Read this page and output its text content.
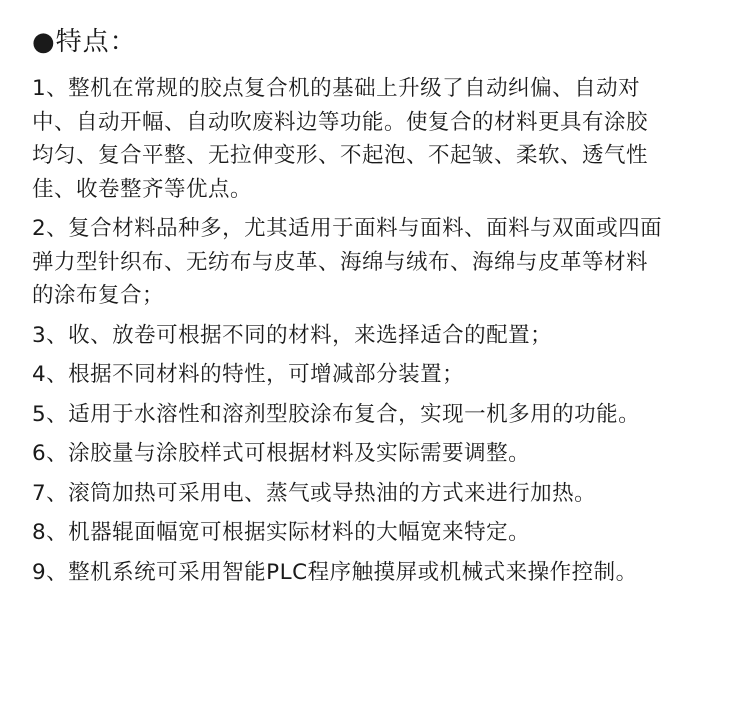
●特点：
1、整机在常规的胶点复合机的基础上升级了自动纠偏、自动对
中、自动开幅、自动吹废料边等功能。使复合的材料更具有涂胶
均匀、复合平整、无拉伸变形、不起泡、不起皱、柔软、透气性
佳、收卷整齐等优点。
2、复合材料品种多，尤其适用于面料与面料、面料与双面或四面
弹力型针织布、无纺布与皮革、海绵与绒布、海绵与皮革等材料
的涂布复合；
3、收、放卷可根据不同的材料，来选择适合的配置；
4、根据不同材料的特性，可增减部分装置；
5、适用于水溶性和溶剂型胶涂布复合，实现一机多用的功能。
6、涂胶量与涂胶样式可根据材料及实际需要调整。
7、滚筒加热可采用电、蒸气或导热油的方式来进行加热。
8、机器辊面幅宽可根据实际材料的大幅宽来特定。
9、整机系统可采用智能PLC程序触摸屏或机械式来操作控制。
